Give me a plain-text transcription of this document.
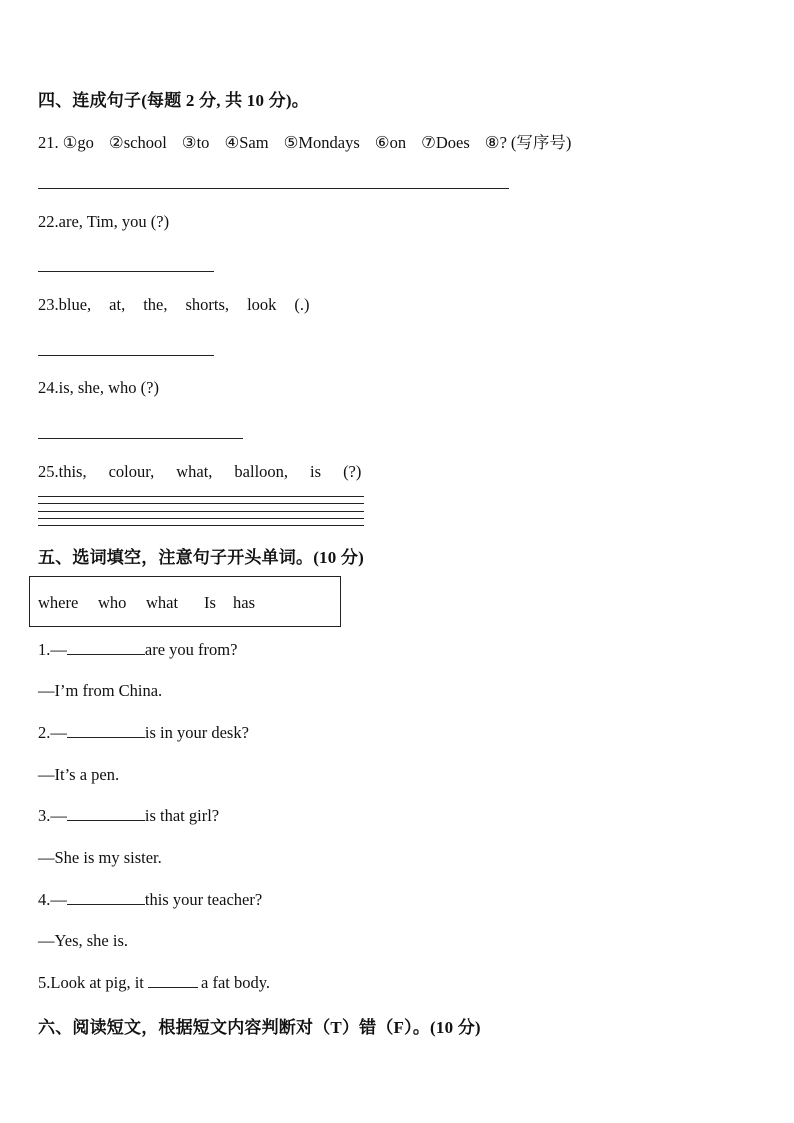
四、连成句子(每题 2 分, 共 10 分)。
21. ①go ②school ③to ④Sam ⑤Mondays ⑥on ⑦Does ⑧? (写序号)
22.are, Tim, you (?)
23.blue, at, the, shorts, look (.)
24.is, she, who (?)
25.this, colour, what, balloon, is (?)
五、选词填空，注意句子开头单词。(10 分)
where who what Is has
1.—	are you from?
—I’m from China.
2.—	is in your desk?
—It’s a pen.
3.—	is that girl?
—She is my sister.
4.—	this your teacher?
—Yes, she is.
5.Look at pig, it	a fat body.
六、阅读短文，根据短文内容判断对（T）错（F）。(10 分)
